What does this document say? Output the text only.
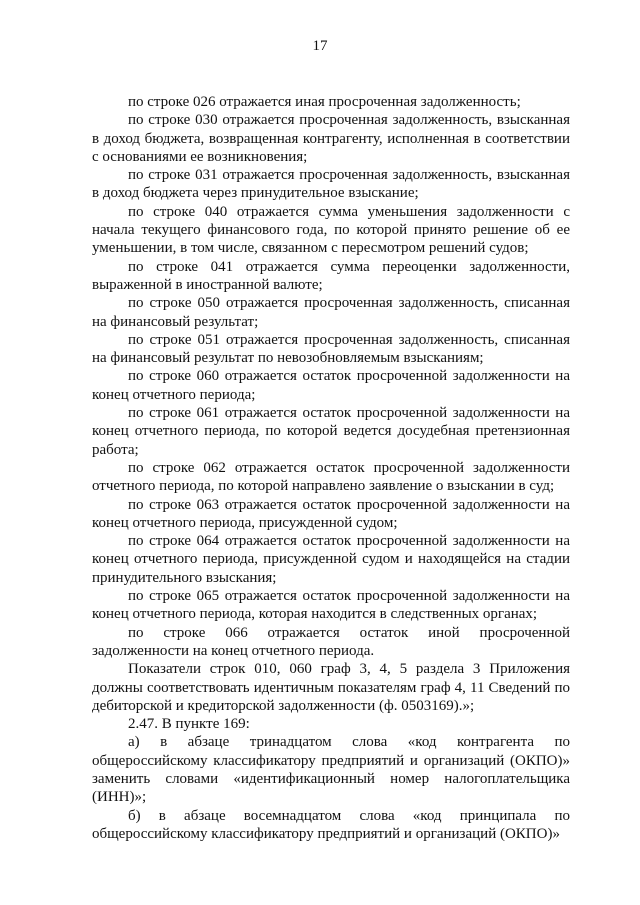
17

по строке 026 отражается иная просроченная задолженность;

по строке 030 отражается просроченная задолженность, взысканная в доход бюджета, возвращенная контрагенту, исполненная в соответствии с основаниями ее возникновения;

по строке 031 отражается просроченная задолженность, взысканная в доход бюджета через принудительное взыскание;

по строке 040 отражается сумма уменьшения задолженности с начала текущего финансового года, по которой принято решение об ее уменьшении, в том числе, связанном с пересмотром решений судов;

по строке 041 отражается сумма переоценки задолженности, выраженной в иностранной валюте;

по строке 050 отражается просроченная задолженность, списанная на финансовый результат;

по строке 051 отражается просроченная задолженность, списанная на финансовый результат по невозобновляемым взысканиям;

по строке 060 отражается остаток просроченной задолженности на конец отчетного периода;

по строке 061 отражается остаток просроченной задолженности на конец отчетного периода, по которой ведется досудебная претензионная работа;

по строке 062 отражается остаток просроченной задолженности отчетного периода, по которой направлено заявление о взыскании в суд;

по строке 063 отражается остаток просроченной задолженности на конец отчетного периода, присужденной судом;

по строке 064 отражается остаток просроченной задолженности на конец отчетного периода, присужденной судом и находящейся на стадии принудительного взыскания;

по строке 065 отражается остаток просроченной задолженности на конец отчетного периода, которая находится в следственных органах;

по строке 066 отражается остаток иной просроченной задолженности на конец отчетного периода.

Показатели строк 010, 060 граф 3, 4, 5 раздела 3 Приложения должны соответствовать идентичным показателям граф 4, 11 Сведений по дебиторской и кредиторской задолженности (ф. 0503169).»;

2.47. В пункте 169:

а) в абзаце тринадцатом слова «код контрагента по общероссийскому классификатору предприятий и организаций (ОКПО)» заменить словами «идентификационный номер налогоплательщика (ИНН)»;

б) в абзаце восемнадцатом слова «код принципала по общероссийскому классификатору предприятий и организаций (ОКПО)»
